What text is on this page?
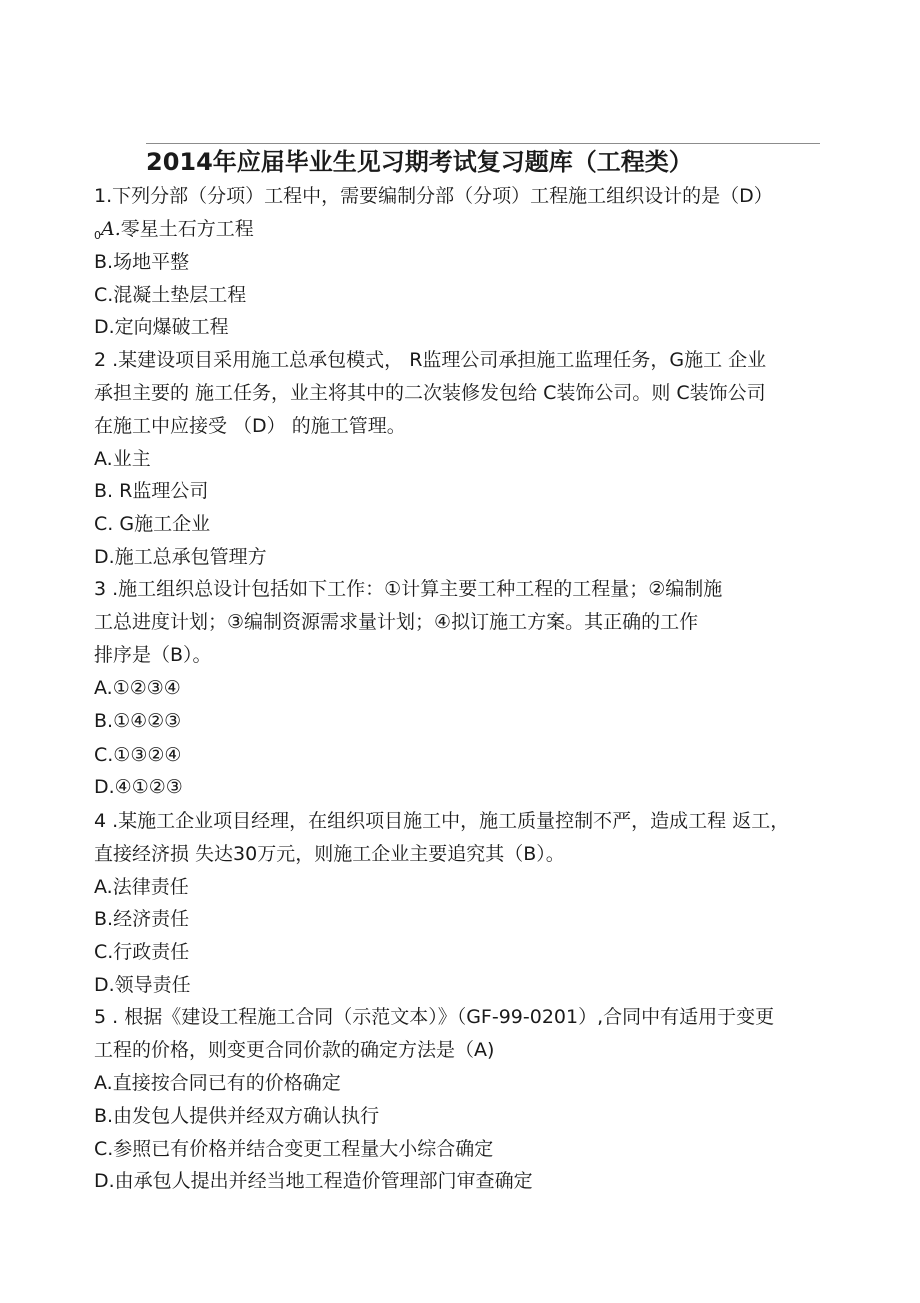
2014年应届毕业生见习期考试复习题库（工程类）
1.下列分部（分项）工程中，需要编制分部（分项）工程施工组织设计的是（D）
$_0$A.零星土石方工程
B.场地平整
C.混凝土垫层工程
D.定向爆破工程
2 .某建设项目采用施工总承包模式， R监理公司承担施工监理任务，G施工 企业
承担主要的 施工任务，业主将其中的二次装修发包给 C装饰公司。则 C装饰公司
在施工中应接受 （D） 的施工管理。
A.业主
B. R监理公司
C. G施工企业
D.施工总承包管理方
3 .施工组织总设计包括如下工作：①计算主要工种工程的工程量；②编制施
工总进度计划；③编制资源需求量计划；④拟订施工方案。其正确的工作
排序是（B）。
A.①②③④
B.①④②③
C.①③②④
D.④①②③
4 .某施工企业项目经理，在组织项目施工中，施工质量控制不严，造成工程 返工，
直接经济损 失达30万元，则施工企业主要追究其（B）。
A.法律责任
B.经济责任
C.行政责任
D.领导责任
5 . 根据《建设工程施工合同（示范文本）》（GF-99-0201）,合同中有适用于变更
工程的价格，则变更合同价款的确定方法是（A)
A.直接按合同已有的价格确定
B.由发包人提供并经双方确认执行
C.参照已有价格并结合变更工程量大小综合确定
D.由承包人提出并经当地工程造价管理部门审查确定
